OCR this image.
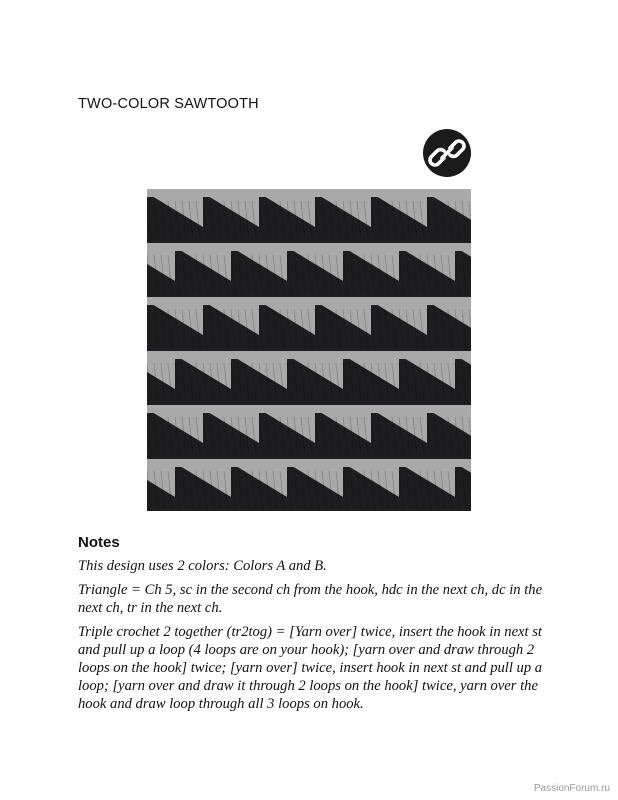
TWO-COLOR SAWTOOTH
Notes

This design uses 2 colors: Colors A and B.

Triangle = Ch 5, sc in the second ch from the hook, hdc in the next ch, dc in the next ch, tr in the next ch.

Triple crochet 2 together (tr2tog) = [Yarn over] twice, insert the hook in next st and pull up a loop (4 loops are on your hook); [yarn over and draw through 2 loops on the hook] twice; [yarn over] twice, insert hook in next st and pull up a loop; [yarn over and draw it through 2 loops on the hook] twice, yarn over the hook and draw loop through all 3 loops on hook.

PassionForum.ru
